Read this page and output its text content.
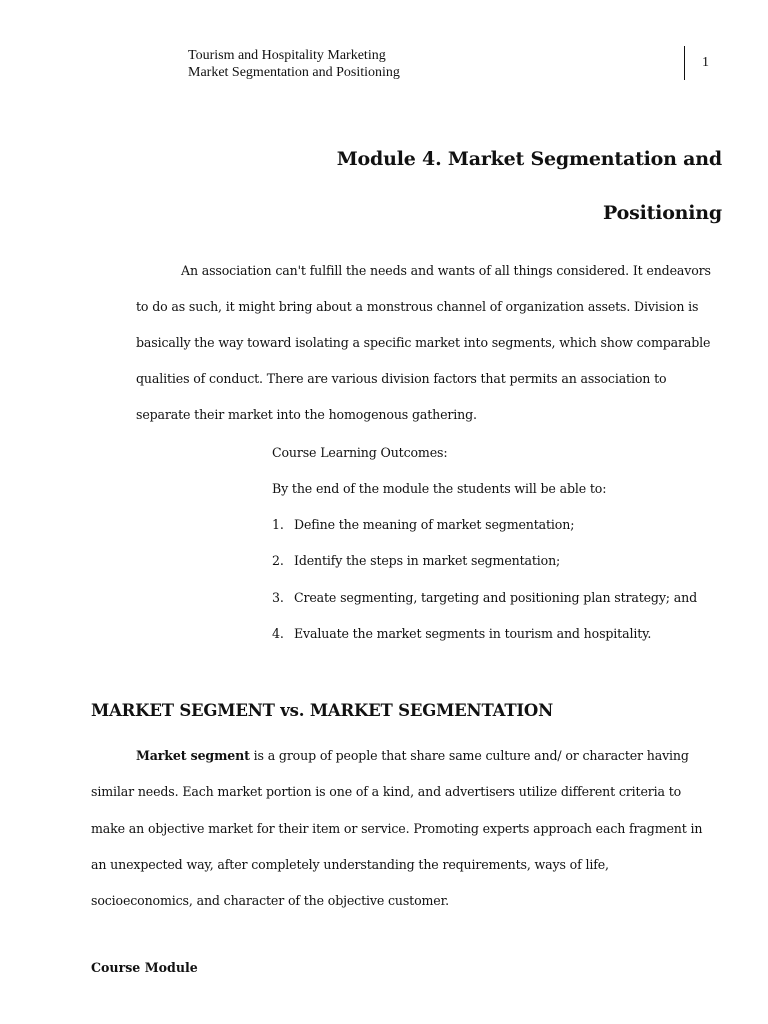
Tourism and Hospitality Marketing
Market Segmentation and Positioning
1
Module 4. Market Segmentation and
Positioning
An association can't fulfill the needs and wants of all things considered. It endeavors
to do as such, it might bring about a monstrous channel of organization assets. Division is
basically the way toward isolating a specific market into segments, which show comparable
qualities of conduct. There are various division factors that permits an association to
separate their market into the homogenous gathering.
Course Learning Outcomes:
By the end of the module the students will be able to:
1. Define the meaning of market segmentation;
2. Identify the steps in market segmentation;
3. Create segmenting, targeting and positioning plan strategy; and
4. Evaluate the market segments in tourism and hospitality.
MARKET SEGMENT vs. MARKET SEGMENTATION
Market segment is a group of people that share same culture and/ or character having
similar needs. Each market portion is one of a kind, and advertisers utilize different criteria to
make an objective market for their item or service. Promoting experts approach each fragment in
an unexpected way, after completely understanding the requirements, ways of life,
socioeconomics, and character of the objective customer.
Course Module
